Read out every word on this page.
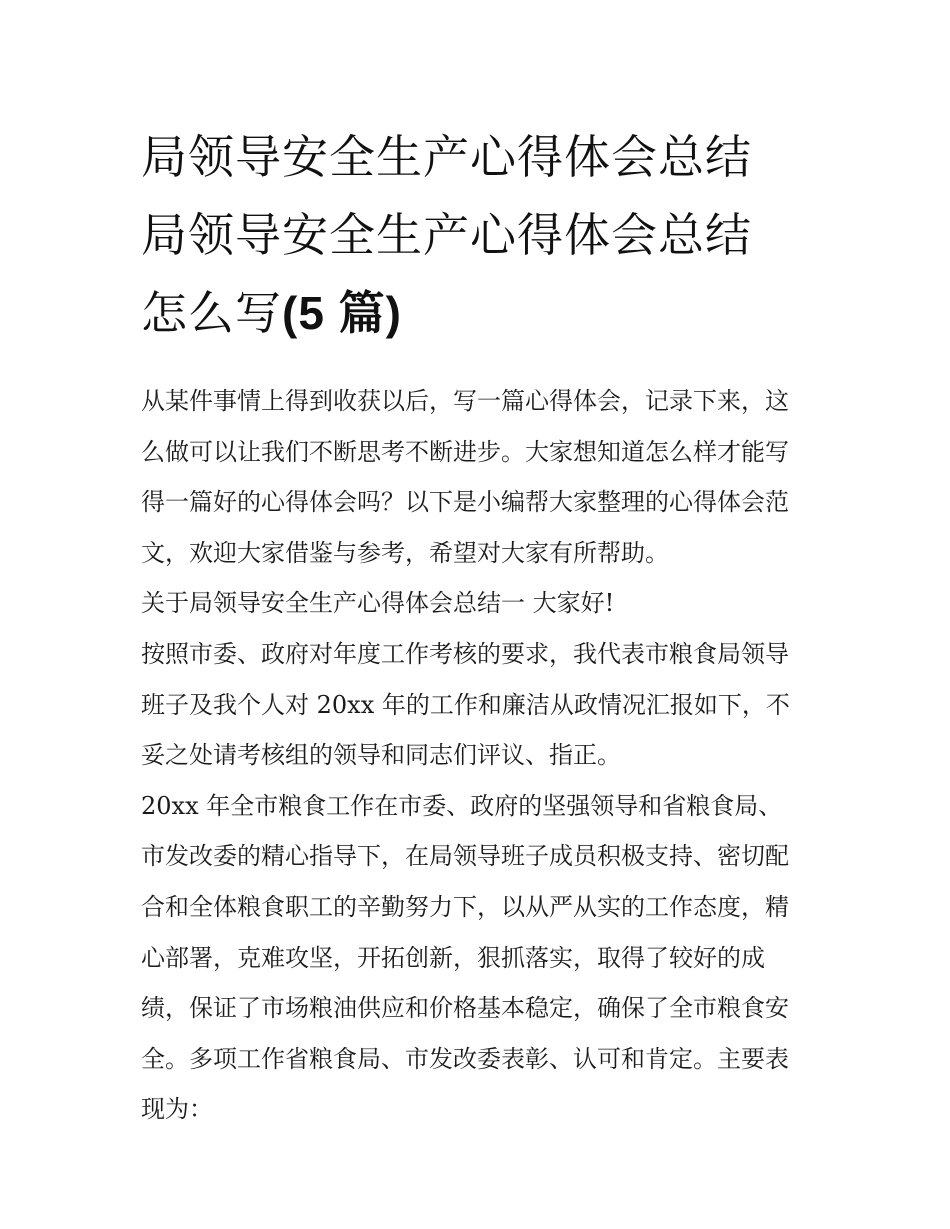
局领导安全生产心得体会总结
局领导安全生产心得体会总结
怎么写(5 篇)

从某件事情上得到收获以后，写一篇心得体会，记录下来，这
么做可以让我们不断思考不断进步。大家想知道怎么样才能写
得一篇好的心得体会吗？以下是小编帮大家整理的心得体会范
文，欢迎大家借鉴与参考，希望对大家有所帮助。

关于局领导安全生产心得体会总结一 大家好!

按照市委、政府对年度工作考核的要求，我代表市粮食局领导
班子及我个人对 20xx 年的工作和廉洁从政情况汇报如下，不
妥之处请考核组的领导和同志们评议、指正。

20xx 年全市粮食工作在市委、政府的坚强领导和省粮食局、
市发改委的精心指导下，在局领导班子成员积极支持、密切配
合和全体粮食职工的辛勤努力下，以从严从实的工作态度，精
心部署，克难攻坚，开拓创新，狠抓落实，取得了较好的成
绩，保证了市场粮油供应和价格基本稳定，确保了全市粮食安
全。多项工作省粮食局、市发改委表彰、认可和肯定。主要表
现为：
